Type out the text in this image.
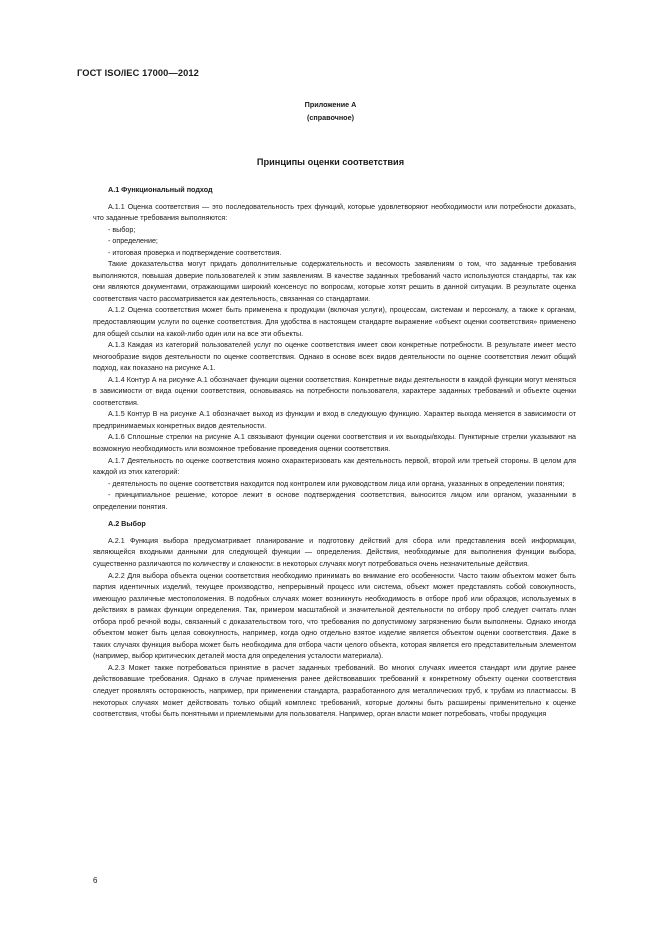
ГОСТ ISO/IEC 17000—2012
Приложение А
(справочное)
Принципы оценки соответствия

А.1 Функциональный подход

А.1.1 Оценка соответствия — это последовательность трех функций, которые удовлетворяют необходимости или потребности доказать, что заданные требования выполняются:

- выбор;

- определение;

- итоговая проверка и подтверждение соответствия.

Такие доказательства могут придать дополнительные содержательность и весомость заявлениям о том, что заданные требования выполняются, повышая доверие пользователей к этим заявлениям. В качестве заданных требований часто используются стандарты, так как они являются документами, отражающими широкий консенсус по вопросам, которые хотят решить в данной ситуации. В результате оценка соответствия часто рассматривается как деятельность, связанная со стандартами.

А.1.2 Оценка соответствия может быть применена к продукции (включая услуги), процессам, системам и персоналу, а также к органам, предоставляющим услуги по оценке соответствия. Для удобства в настоящем стандарте выражение «объект оценки соответствия» применено для общей ссылки на какой-либо один или на все эти объекты.

А.1.3 Каждая из категорий пользователей услуг по оценке соответствия имеет свои конкретные потребности. В результате имеет место многообразие видов деятельности по оценке соответствия. Однако в основе всех видов деятельности по оценке соответствия лежит общий подход, как показано на рисунке А.1.

А.1.4 Контур А на рисунке А.1 обозначает функции оценки соответствия. Конкретные виды деятельности в каждой функции могут меняться в зависимости от вида оценки соответствия, основываясь на потребности пользователя, характере заданных требований и объекте оценки соответствия.

А.1.5 Контур В на рисунке А.1 обозначает выход из функции и вход в следующую функцию. Характер выхода меняется в зависимости от предпринимаемых конкретных видов деятельности.

А.1.6 Сплошные стрелки на рисунке А.1 связывают функции оценки соответствия и их выходы/входы. Пунктирные стрелки указывают на возможную необходимость или возможное требование проведения оценки соответствия.

А.1.7 Деятельность по оценке соответствия можно охарактеризовать как деятельность первой, второй или третьей стороны. В целом для каждой из этих категорий:

- деятельность по оценке соответствия находится под контролем или руководством лица или органа, указанных в определении понятия;

- принципиальное решение, которое лежит в основе подтверждения соответствия, выносится лицом или органом, указанными в определении понятия.

А.2 Выбор

А.2.1 Функция выбора предусматривает планирование и подготовку действий для сбора или представления всей информации, являющейся входными данными для следующей функции — определения. Действия, необходимые для выполнения функции выбора, существенно различаются по количеству и сложности: в некоторых случаях могут потребоваться очень незначительные действия.

А.2.2 Для выбора объекта оценки соответствия необходимо принимать во внимание его особенности. Часто таким объектом может быть партия идентичных изделий, текущее производство, непрерывный процесс или система, объект может представлять собой совокупность, имеющую различные местоположения. В подобных случаях может возникнуть необходимость в отборе проб или образцов, используемых в действиях в рамках функции определения. Так, примером масштабной и значительной деятельности по отбору проб следует считать план отбора проб речной воды, связанный с доказательством того, что требования по допустимому загрязнению были выполнены. Однако иногда объектом может быть целая совокупность, например, когда одно отдельно взятое изделие является объектом оценки соответствия. Даже в таких случаях функция выбора может быть необходима для отбора части целого объекта, которая является его представительным элементом (например, выбор критических деталей моста для определения усталости материала).

А.2.3 Может также потребоваться принятие в расчет заданных требований. Во многих случаях имеется стандарт или другие ранее действовавшие требования. Однако в случае применения ранее действовавших требований к конкретному объекту оценки соответствия следует проявлять осторожность, например, при применении стандарта, разработанного для металлических труб, к трубам из пластмассы. В некоторых случаях может действовать только общий комплекс требований, которые должны быть расширены применительно к оценке соответствия, чтобы быть понятными и приемлемыми для пользователя. Например, орган власти может потребовать, чтобы продукция

6
